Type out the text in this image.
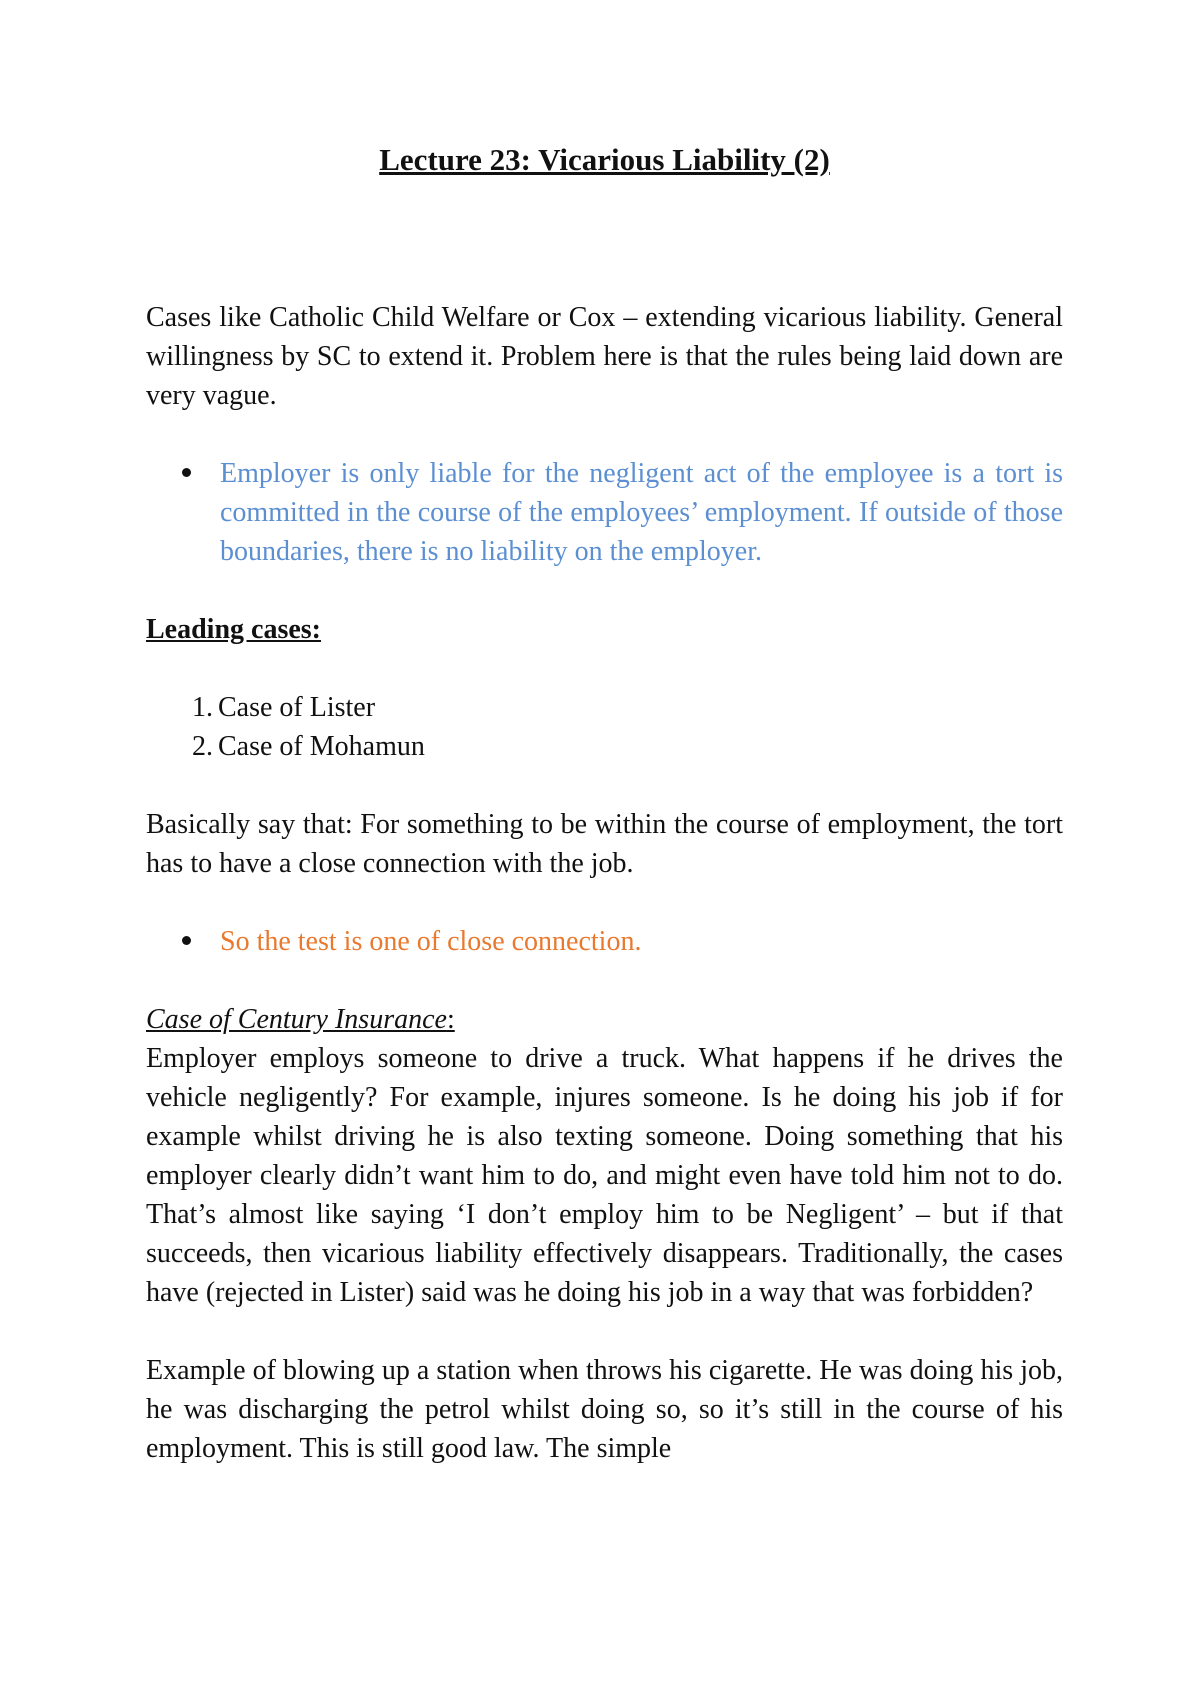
Lecture 23: Vicarious Liability (2)

Cases like Catholic Child Welfare or Cox – extending vicarious liability. General willingness by SC to extend it. Problem here is that the rules being laid down are very vague.

Employer is only liable for the negligent act of the employee is a tort is committed in the course of the employees’ employment. If outside of those boundaries, there is no liability on the employer.

Leading cases:

1. Case of Lister
2. Case of Mohamun

Basically say that: For something to be within the course of employment, the tort has to have a close connection with the job.

So the test is one of close connection.

Case of Century Insurance:

Employer employs someone to drive a truck. What happens if he drives the vehicle negligently? For example, injures someone. Is he doing his job if for example whilst driving he is also texting someone. Doing something that his employer clearly didn’t want him to do, and might even have told him not to do. That’s almost like saying ‘I don’t employ him to be Negligent’ – but if that succeeds, then vicarious liability effectively disappears. Traditionally, the cases have (rejected in Lister) said was he doing his job in a way that was forbidden?

Example of blowing up a station when throws his cigarette. He was doing his job, he was discharging the petrol whilst doing so, so it’s still in the course of his employment. This is still good law. The simple
